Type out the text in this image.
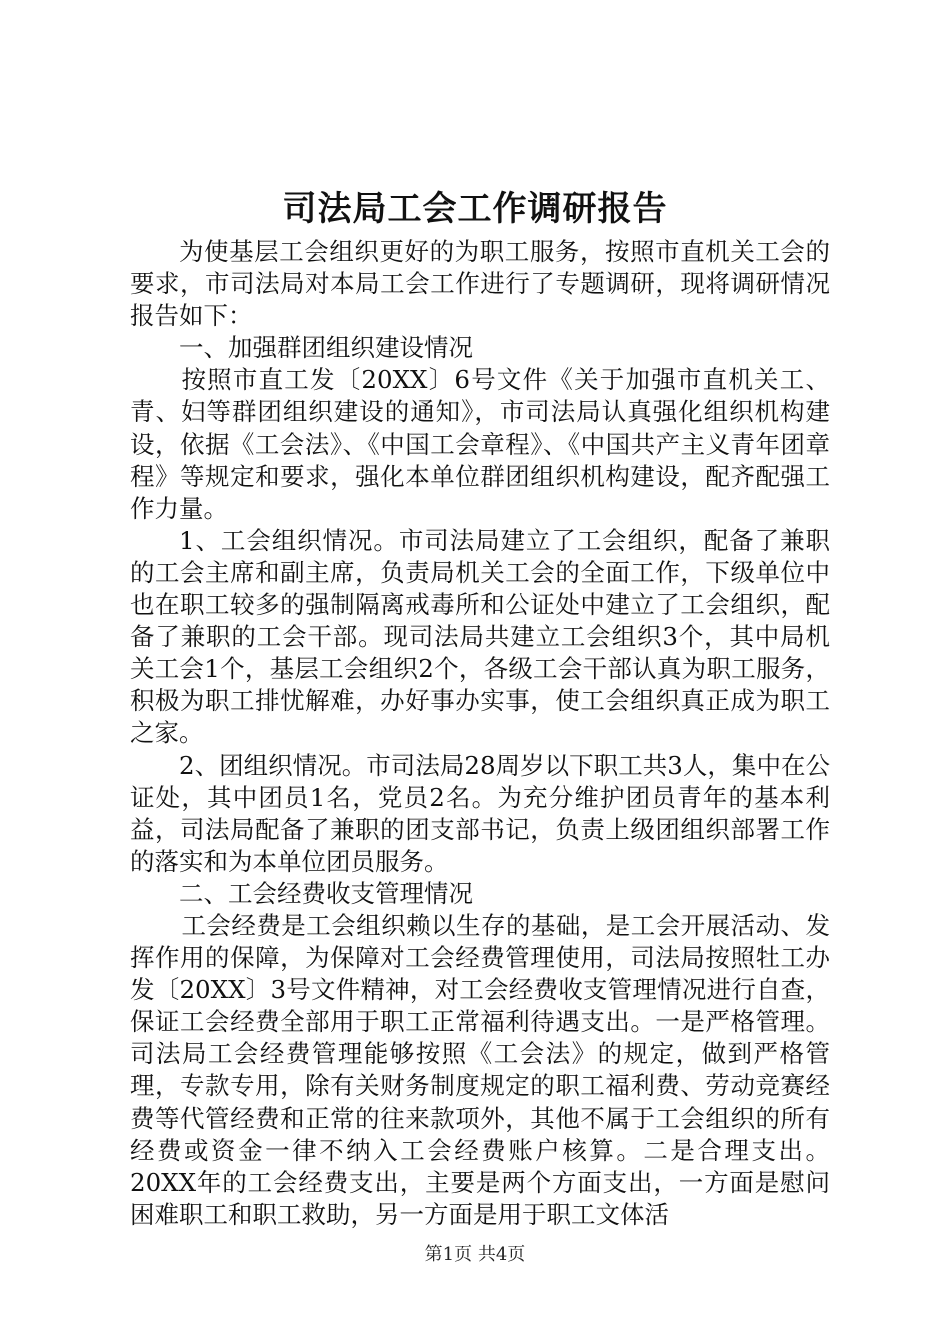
司法局工会工作调研报告

为使基层工会组织更好的为职工服务，按照市直机关工会的要求，市司法局对本局工会工作进行了专题调研，现将调研情况报告如下：

一、加强群团组织建设情况

按照市直工发〔20XX〕6号文件《关于加强市直机关工、青、妇等群团组织建设的通知》，市司法局认真强化组织机构建设，依据《工会法》、《中国工会章程》、《中国共产主义青年团章程》等规定和要求，强化本单位群团组织机构建设，配齐配强工作力量。

1、工会组织情况。市司法局建立了工会组织，配备了兼职的工会主席和副主席，负责局机关工会的全面工作，下级单位中也在职工较多的强制隔离戒毒所和公证处中建立了工会组织，配备了兼职的工会干部。现司法局共建立工会组织3个，其中局机关工会1个，基层工会组织2个，各级工会干部认真为职工服务，积极为职工排忧解难，办好事办实事，使工会组织真正成为职工之家。

2、团组织情况。市司法局28周岁以下职工共3人，集中在公证处，其中团员1名，党员2名。为充分维护团员青年的基本利益，司法局配备了兼职的团支部书记，负责上级团组织部署工作的落实和为本单位团员服务。

二、工会经费收支管理情况

工会经费是工会组织赖以生存的基础，是工会开展活动、发挥作用的保障，为保障对工会经费管理使用，司法局按照牡工办发〔20XX〕3号文件精神，对工会经费收支管理情况进行自查，保证工会经费全部用于职工正常福利待遇支出。一是严格管理。司法局工会经费管理能够按照《工会法》的规定，做到严格管理，专款专用，除有关财务制度规定的职工福利费、劳动竞赛经费等代管经费和正常的往来款项外，其他不属于工会组织的所有经费或资金一律不纳入工会经费账户核算。二是合理支出。20XX年的工会经费支出，主要是两个方面支出，一方面是慰问困难职工和职工救助，另一方面是用于职工文体活

第1页 共4页
